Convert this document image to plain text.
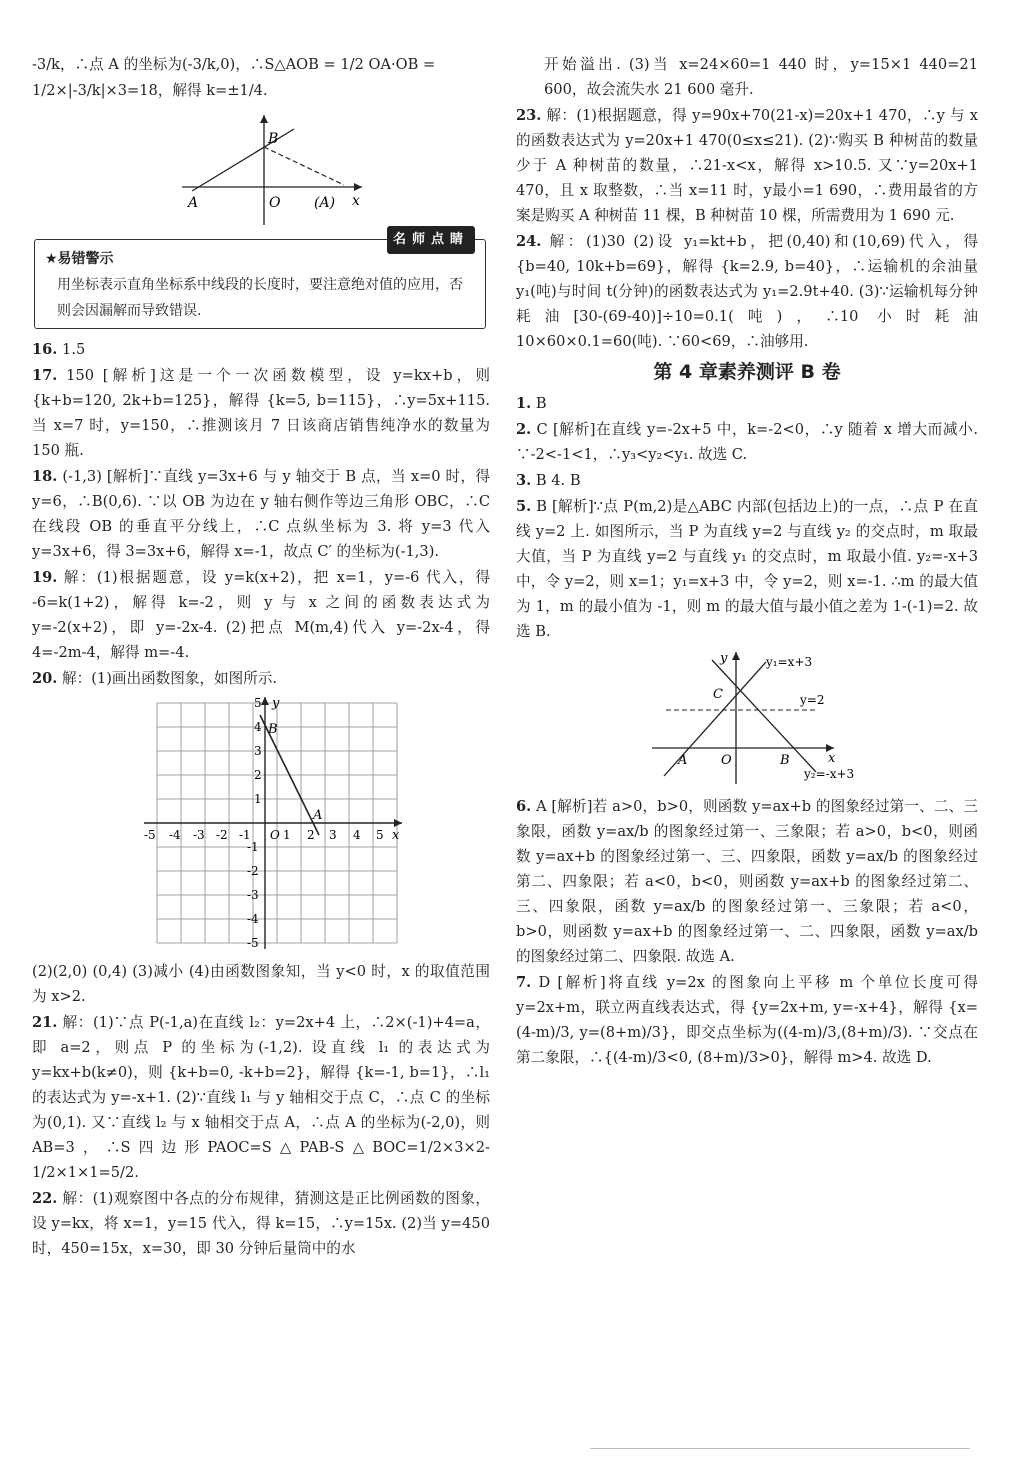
-3/k，∴点 A 的坐标为(-3/k,0)，∴S△AOB = 1/2 OA·OB =

1/2×|-3/k|×3=18，解得 k=±1/4.

B
A	O (A) x
名师点睛
★易错警示
用坐标表示直角坐标系中线段的长度时，要注意绝对值的应用，否则会因漏解而导致错误.

16. 1.5

17. 150 [解析]这是一个一次函数模型，设 y=kx+b，则 {k+b=120, 2k+b=125}，解得 {k=5, b=115}，∴y=5x+115. 当 x=7 时，y=150，∴推测该月 7 日该商店销售纯净水的数量为 150 瓶.

18. (-1,3) [解析]∵直线 y=3x+6 与 y 轴交于 B 点，当 x=0 时，得 y=6，∴B(0,6). ∵以 OB 为边在 y 轴右侧作等边三角形 OBC，∴C 在线段 OB 的垂直平分线上，∴C 点纵坐标为 3. 将 y=3 代入 y=3x+6，得 3=3x+6，解得 x=-1，故点 C′ 的坐标为(-1,3).

19. 解：(1)根据题意，设 y=k(x+2)，把 x=1，y=-6 代入，得 -6=k(1+2)，解得 k=-2，则 y 与 x 之间的函数表达式为 y=-2(x+2)，即 y=-2x-4. (2)把点 M(m,4)代入 y=-2x-4，得 4=-2m-4，解得 m=-4.

20. 解：(1)画出函数图象，如图所示.

-5 -4 -3 -2 -1 O 1 2 3 4 5
5
4
3
2
1
-1
-2
-3
-4
-5
x
y
B
A

(2)(2,0) (0,4) (3)减小 (4)由函数图象知，当 y<0 时，x 的取值范围为 x>2.

21. 解：(1)∵点 P(-1,a)在直线 l₂：y=2x+4 上，∴2×(-1)+4=a，即 a=2，则点 P 的坐标为(-1,2). 设直线 l₁ 的表达式为 y=kx+b(k≠0)，则 {k+b=0, -k+b=2}，解得 {k=-1, b=1}，∴l₁ 的表达式为 y=-x+1. (2)∵直线 l₁ 与 y 轴相交于点 C，∴点 C 的坐标为(0,1). 又∵直线 l₂ 与 x 轴相交于点 A，∴点 A 的坐标为(-2,0)，则 AB=3，∴S四边形PAOC=S△PAB-S△BOC=1/2×3×2-1/2×1×1=5/2.

22. 解：(1)观察图中各点的分布规律，猜测这是正比例函数的图象，设 y=kx，将 x=1，y=15 代入，得 k=15，∴y=15x. (2)当 y=450 时，450=15x，x=30，即 30 分钟后量筒中的水

开始溢出. (3)当 x=24×60=1 440 时，y=15×1 440=21 600，故会流失水 21 600 毫升.

23. 解：(1)根据题意，得 y=90x+70(21-x)=20x+1 470，∴y 与 x 的函数表达式为 y=20x+1 470(0≤x≤21). (2)∵购买 B 种树苗的数量少于 A 种树苗的数量，∴21-x<x，解得 x>10.5. 又∵y=20x+1 470，且 x 取整数，∴当 x=11 时，y最小=1 690，∴费用最省的方案是购买 A 种树苗 11 棵，B 种树苗 10 棵，所需费用为 1 690 元.

24. 解：(1)30 (2)设 y₁=kt+b，把(0,40)和(10,69)代入，得 {b=40, 10k+b=69}，解得 {k=2.9, b=40}，∴运输机的余油量 y₁(吨)与时间 t(分钟)的函数表达式为 y₁=2.9t+40. (3)∵运输机每分钟耗油[30-(69-40)]÷10=0.1(吨)，∴10 小时耗油 10×60×0.1=60(吨). ∵60<69，∴油够用.

第 4 章素养测评 B 卷

1. B

2. C [解析]在直线 y=-2x+5 中，k=-2<0，∴y 随着 x 增大而减小. ∵-2<-1<1，∴y₃<y₂<y₁. 故选 C.

3. B 4. B

5. B [解析]∵点 P(m,2)是△ABC 内部(包括边上)的一点，∴点 P 在直线 y=2 上. 如图所示，当 P 为直线 y=2 与直线 y₂ 的交点时，m 取最大值，当 P 为直线 y=2 与直线 y₁ 的交点时，m 取最小值. y₂=-x+3 中，令 y=2，则 x=1；y₁=x+3 中，令 y=2，则 x=-1. ∴m 的最大值为 1，m 的最小值为 -1，则 m 的最大值与最小值之差为 1-(-1)=2. 故选 B.

y	y₁=x+3
C	y=2
A	O	B	x
y₂=-x+3

6. A [解析]若 a>0，b>0，则函数 y=ax+b 的图象经过第一、二、三象限，函数 y=ax/b 的图象经过第一、三象限；若 a>0，b<0，则函数 y=ax+b 的图象经过第一、三、四象限，函数 y=ax/b 的图象经过第二、四象限；若 a<0，b<0，则函数 y=ax+b 的图象经过第二、三、四象限，函数 y=ax/b 的图象经过第一、三象限；若 a<0，b>0，则函数 y=ax+b 的图象经过第一、二、四象限，函数 y=ax/b 的图象经过第二、四象限. 故选 A.

7. D [解析]将直线 y=2x 的图象向上平移 m 个单位长度可得 y=2x+m，联立两直线表达式，得 {y=2x+m, y=-x+4}，解得 {x=(4-m)/3, y=(8+m)/3}，即交点坐标为((4-m)/3,(8+m)/3). ∵交点在第二象限，∴{(4-m)/3<0, (8+m)/3>0}，解得 m>4. 故选 D.
